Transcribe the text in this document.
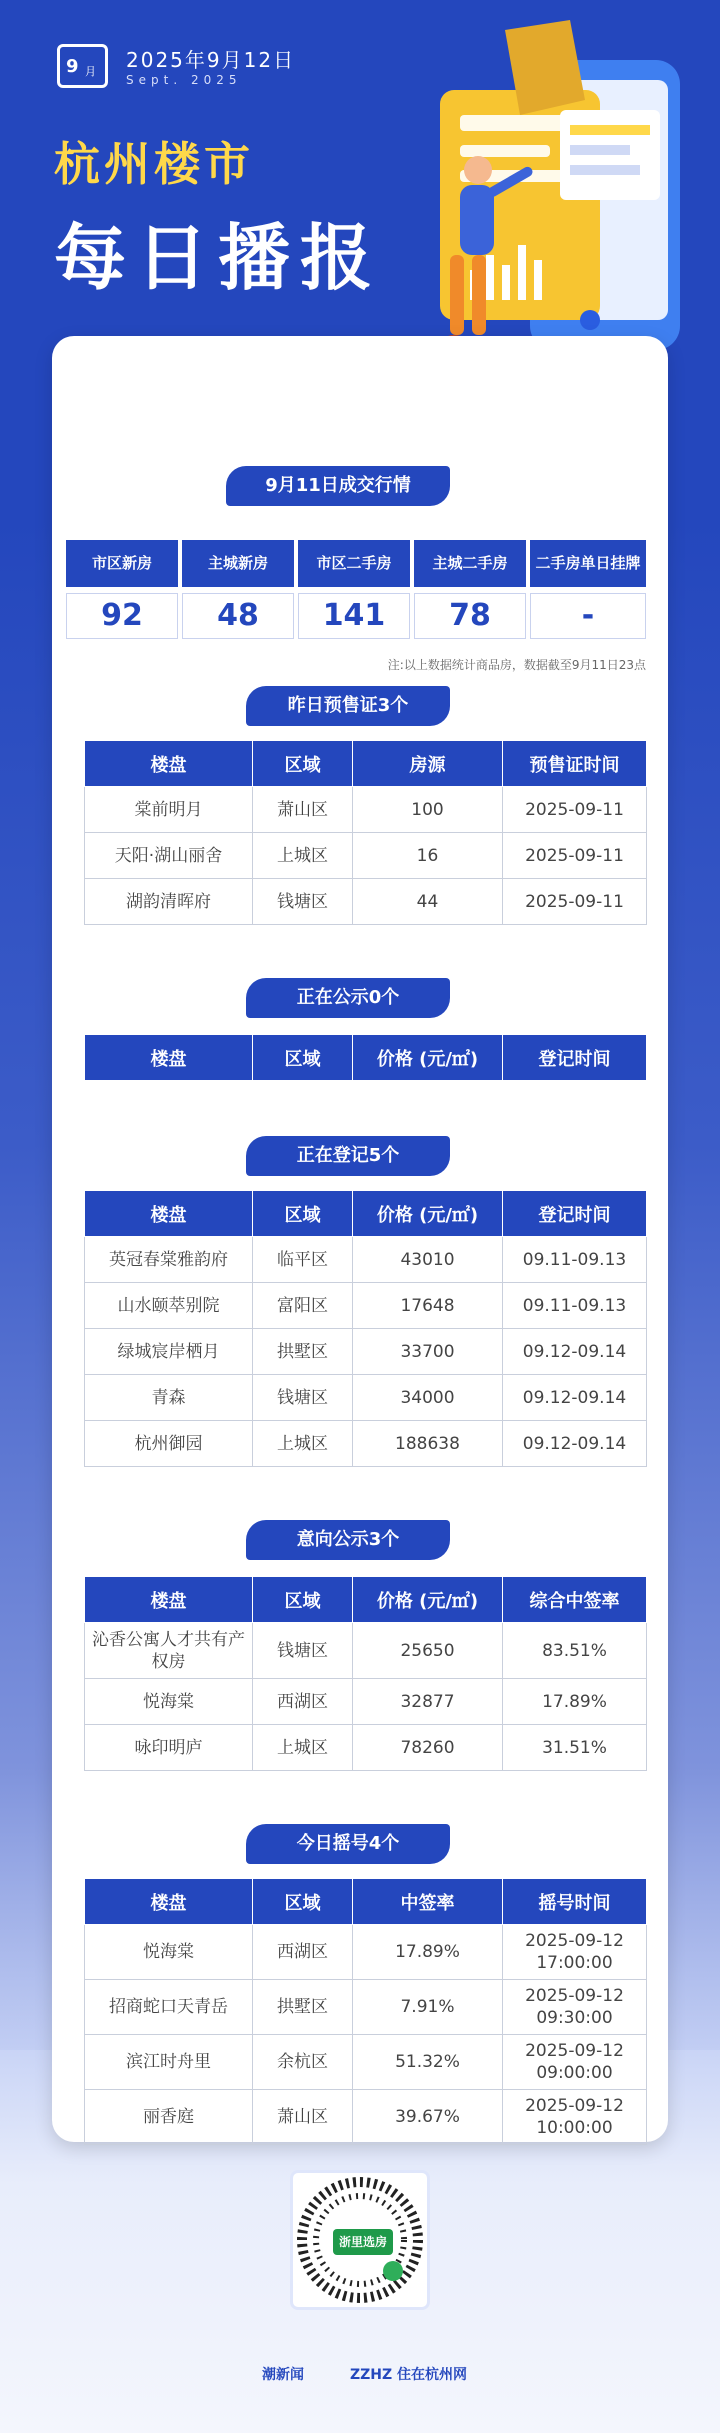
9 月 2025年9月12日
Sept. 2025
杭州楼市
每日播报
9月11日成交行情
市区新房	主城新房	市区二手房	主城二手房	二手房单日挂牌
92	48	141	78	-
注:以上数据统计商品房，数据截至9月11日23点
昨日预售证3个
楼盘	区域	房源	预售证时间
棠前明月	萧山区	100	2025-09-11
天阳·湖山丽舍	上城区	16	2025-09-11
湖韵清晖府	钱塘区	44	2025-09-11
正在公示0个
楼盘	区域	价格 (元/㎡)	登记时间
正在登记5个
楼盘	区域	价格 (元/㎡)	登记时间
英冠春棠雅韵府	临平区	43010	09.11-09.13
山水颐萃别院	富阳区	17648	09.11-09.13
绿城宸岸栖月	拱墅区	33700	09.12-09.14
青森	钱塘区	34000	09.12-09.14
杭州御园	上城区	188638	09.12-09.14
意向公示3个
楼盘	区域	价格 (元/㎡)	综合中签率
沁香公寓人才共有产权房	钱塘区	25650	83.51%
悦海棠	西湖区	32877	17.89%
咏印明庐	上城区	78260	31.51%
今日摇号4个
楼盘	区域	中签率	摇号时间
悦海棠	西湖区	17.89%	2025-09-12 17:00:00
招商蛇口天青岳	拱墅区	7.91%	2025-09-12 09:30:00
滨江时舟里	余杭区	51.32%	2025-09-12 09:00:00
丽香庭	萧山区	39.67%	2025-09-12 10:00:00
浙里选房
潮新闻	ZZHZ 住在杭州网
